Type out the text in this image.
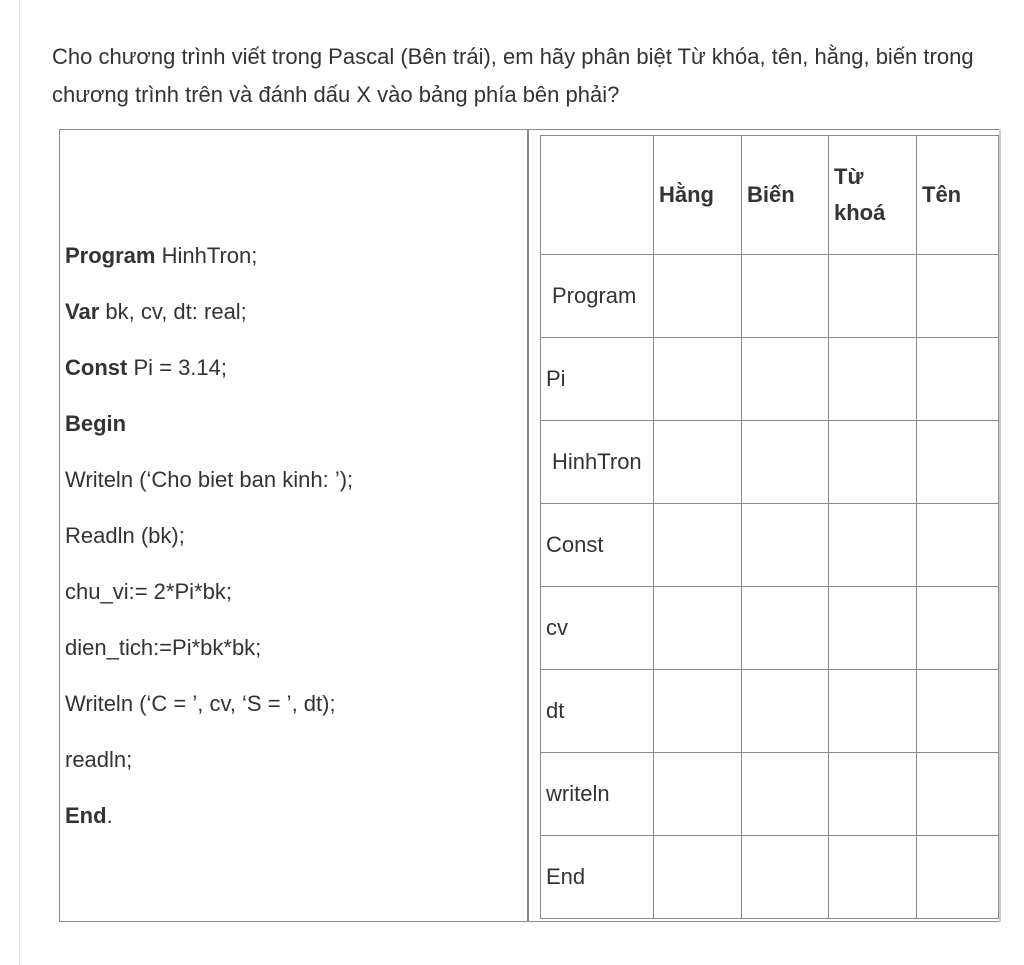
Cho chương trình viết trong Pascal (Bên trái), em hãy phân biệt Từ khóa, tên, hằng, biến trong chương trình trên và đánh dấu X vào bảng phía bên phải?
Program HinhTron;
Var bk, cv, dt: real;
Const Pi = 3.14;
Begin
Writeln (‘Cho biet ban kinh: ’);
Readln (bk);
chu_vi:= 2*Pi*bk;
dien_tich:=Pi*bk*bk;
Writeln (‘C = ’, cv, ‘S = ’, dt);
readln;
End.
	Hằng	Biến	Từ khoá	Tên
Program				
Pi				
HinhTron				
Const				
cv				
dt				
writeln				
End				
